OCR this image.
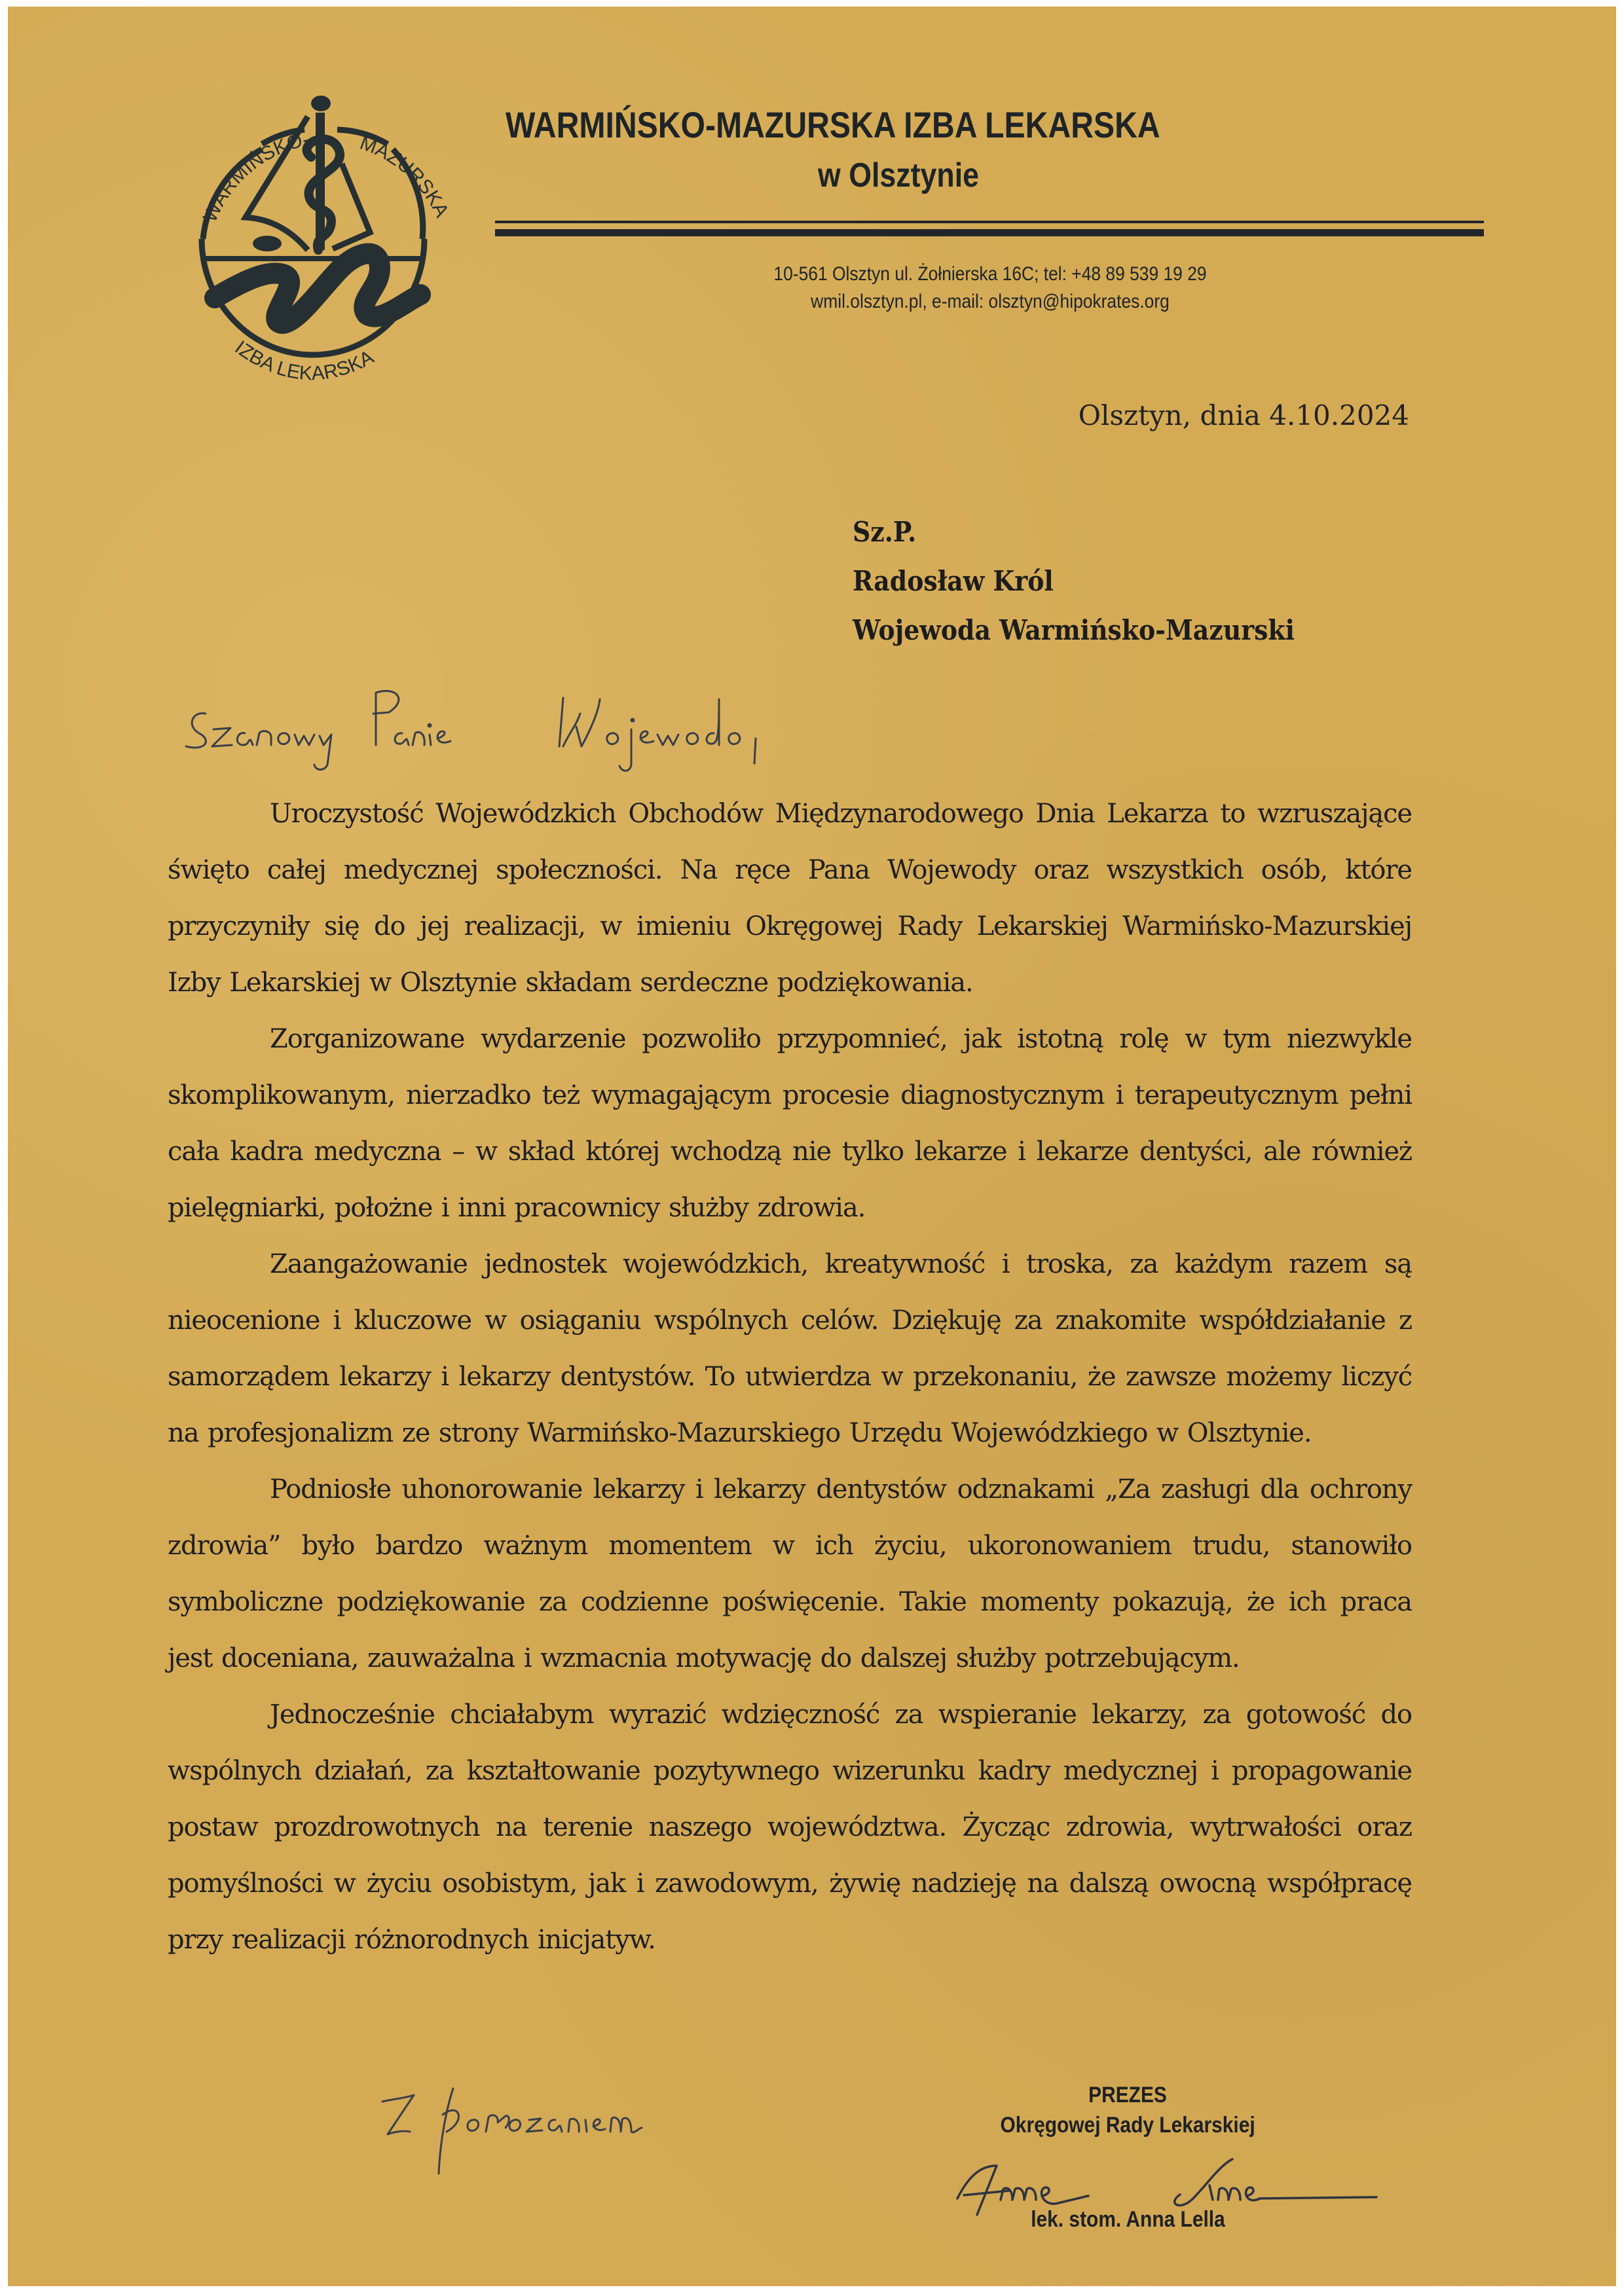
WARMIŃSKO- MAZURSKA
IZBA LEKARSKA
WARMIŃSKO-MAZURSKA IZBA LEKARSKA
w Olsztynie
10-561 Olsztyn ul. Żołnierska 16C; tel: +48 89 539 19 29
wmil.olsztyn.pl, e-mail: olsztyn@hipokrates.org
Olsztyn, dnia 4.10.2024
Sz.P.
Radosław Król
Wojewoda Warmińsko-Mazurski

Uroczystość Wojewódzkich Obchodów Międzynarodowego Dnia Lekarza to wzruszające święto całej medycznej społeczności. Na ręce Pana Wojewody oraz wszystkich osób, które przyczyniły się do jej realizacji, w imieniu Okręgowej Rady Lekarskiej Warmińsko-Mazurskiej Izby Lekarskiej w Olsztynie składam serdeczne podziękowania.

Zorganizowane wydarzenie pozwoliło przypomnieć, jak istotną rolę w tym niezwykle skomplikowanym, nierzadko też wymagającym procesie diagnostycznym i terapeutycznym pełni cała kadra medyczna – w skład której wchodzą nie tylko lekarze i lekarze dentyści, ale również pielęgniarki, położne i inni pracownicy służby zdrowia.

Zaangażowanie jednostek wojewódzkich, kreatywność i troska, za każdym razem są nieocenione i kluczowe w osiąganiu wspólnych celów. Dziękuję za znakomite współdziałanie z samorządem lekarzy i lekarzy dentystów. To utwierdza w przekonaniu, że zawsze możemy liczyć na profesjonalizm ze strony Warmińsko-Mazurskiego Urzędu Wojewódzkiego w Olsztynie.

Podniosłe uhonorowanie lekarzy i lekarzy dentystów odznakami „Za zasługi dla ochrony zdrowia” było bardzo ważnym momentem w ich życiu, ukoronowaniem trudu, stanowiło symboliczne podziękowanie za codzienne poświęcenie. Takie momenty pokazują, że ich praca jest doceniana, zauważalna i wzmacnia motywację do dalszej służby potrzebującym.

Jednocześnie chciałabym wyrazić wdzięczność za wspieranie lekarzy, za gotowość do wspólnych działań, za kształtowanie pozytywnego wizerunku kadry medycznej i propagowanie postaw prozdrowotnych na terenie naszego województwa. Życząc zdrowia, wytrwałości oraz pomyślności w życiu osobistym, jak i zawodowym, żywię nadzieję na dalszą owocną współpracę przy realizacji różnorodnych inicjatyw.

PREZES
Okręgowej Rady Lekarskiej
lek. stom. Anna Lella
